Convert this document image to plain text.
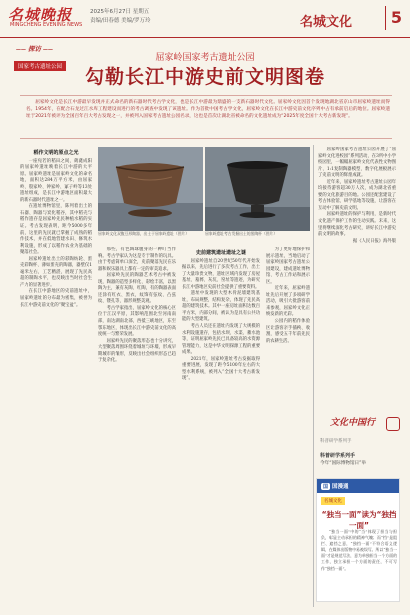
名城晚报
MINGCHENG EVENING NEWS
2025年6月27日 星期五
责编/田春德 美编/罗万玲	名城文化	5
—— 探访 ——
国家考古遗址公园
屈家岭国家考古遗址公园
勾勒长江中游史前文明图卷
屈家岭文化是长江中游最早发现并正式命名的新石器时代考古学文化，也是长江中游最为鼎盛的一支新石器时代文化。屈家岭文化因首个发现地湖北省京山市屈家岭遗址而得名。1954年，在配合石龙过江水库工程建设而进行的考古调查中发现了该遗址。作为首批中国考古学文化，屈家岭文化在长江中游史前文化序列中占有承前启后的地位。屈家岭遗址于2021年被评为全国百年百大考古发现之一，并被列入国家考古遗址公园名录，这也是首次让湖北省被命名的文化遗址成为“2025年度全国十大考古新发现”。
稻作文明的原点之光

一座宛若的稻田之间，葳蕤成阳的屈家岭遗址映着长江中游的大平原。屈家岭遗址是屈家岭文化的命名地，面积达284万平方米，由屈家岭、殷家岭、钟家岭、冢子岭等13处遗址组成，是长江中游地区面积最大的新石器时代遗址之一。

在遗址博物馆里，陈列着出土的石器、陶器与炭化稻谷，其中稻壳与稻作遗存是屈家岭先民种植水稻的实证。考古发现表明，距今5000多年前，这里的先民就已掌握了成熟的稻作技术，并在低地营建水田、修筑水利设施，形成了以稻作农业为基础的聚落社会。

屈家岭遗址出土的彩陶纺轮、蛋壳彩陶杯、薄如蛋壳的陶器，器壁仅1毫米左右，工艺精湛，展现了先民高超的制陶水平，也反映出当时社会生产力的显著进步。

在长江中游地区的史前遗址中，屈家岭遗址的分布最为密集，被誉为长江中游史前文化的“聚宝盆”。

屈家岭文化双腹豆形陶器，出土于屈家岭遗址（图片）	屈家岭遗址考古发掘出土的黑陶杯（图片）

那些，有色陶球腹身的一种叮当作响。考古学家认为这是专于制作的玩具。由于考虑简单口深全，史前聚落先民在乐器和娱乐器具上都有一定的审美追求。

屈家岭先民的陶器艺术考古中被发现，陶器的造型多样化、彩绘丰富，以黑陶为主，兼有灰陶、红陶，有的陶器表面还涂有红衣、黑衣，纹饰有弦纹、凸弦纹、镂孔等，器形规整美观。

考古学家指出，屈家岭文化的核心区位于江汉平原，其影响范围北至河南南部，南达湖南北部，西抵三峡地区，东至鄂东地区，体现出长江中游史前文化的高度统一与繁荣发展。

屈家岭先民的聚落形态也十分讲究，大型聚落周围环绕着城垣与环壕，形成早期城市的雏形，反映出社会组织形态已趋于复杂化。

史前建筑遗址遗址之谜

屈家岭遗址自20世纪50年代开始发掘以来，先后进行了多次考古工作，出土了大量珍贵文物，遗址区域内发现了房屋基址、墓葬、灰坑、窑址等遗迹，为研究长江中游地区史前社会提供了重要资料。

遗址中发现的大型木骨泥墙建筑基址，布局规整，结构复杂，体现了先民高超的建筑技术。其中一座房址面积达数百平方米，内部分间，被认为是具有公共功能的大型建筑。

考古人员还在遗址内发现了大规模的水利设施遗存，包括水坝、水渠、蓄水池等，证明屈家岭先民已具备较高的水资源管理能力，这是中华文明探源工程的重要成果。

2021年，屈家岭遗址考古发掘取得重要进展，发现了距今5100年左右的大型水利系统，被列入“全国十大考古新发现”。

为了更好地保护和展示遗址，当地启动了屈家岭国家考古遗址公园建设，建成遗址博物馆、考古工作站和展示区。

近年来，屈家岭遗址先后开展了多项研学活动，吸引大批游客前来参观，屈家岭文化正焕发新的光彩。

公园内的稻作体验区让游客亲手插秧、收割，感受五千年前先民的农耕生活。

屈家岭国家考古遗址公园开展了“屈家岭文化进校园”系列活动，在3所中小学校园里，一幅幅屈家岭文化代表性文物图片、1:1复制陶器模型、数字化展板展示了史前文明的辉煌成就。

近年来，屈家岭遗址考古遗址公园年均接待游客超30万人次，成为湖北省重要的文化旅游目的地。公园还配套建设了考古体验馆、研学基地等设施，让游客在互动中了解史前文明。

屈家岭遗址的保护与利用，是新时代文化遗产保护工作的生动实践。未来，这里将继续深化考古研究，讲好长江中游史前文明的故事。

据《人民日报》海外版

文化中国行
科普研学系列手
科普研学系列手
今年“国际博物馆日”举
国 国漫通
名城文化
“独当一面”读为“独挡一面”
“独当一面”中的“当”体现了担当与担负，彰显主动承担的精神气魄；而“挡”是阻拦、遮挡之意，“独挡一面”不符合语义逻辑，在媒体出版物中易被误写。所以“独当一面”才是规范写法，意为单独担当一个方面的工作，独立承担一个方面的责任，不可写作“独挡一面”。
